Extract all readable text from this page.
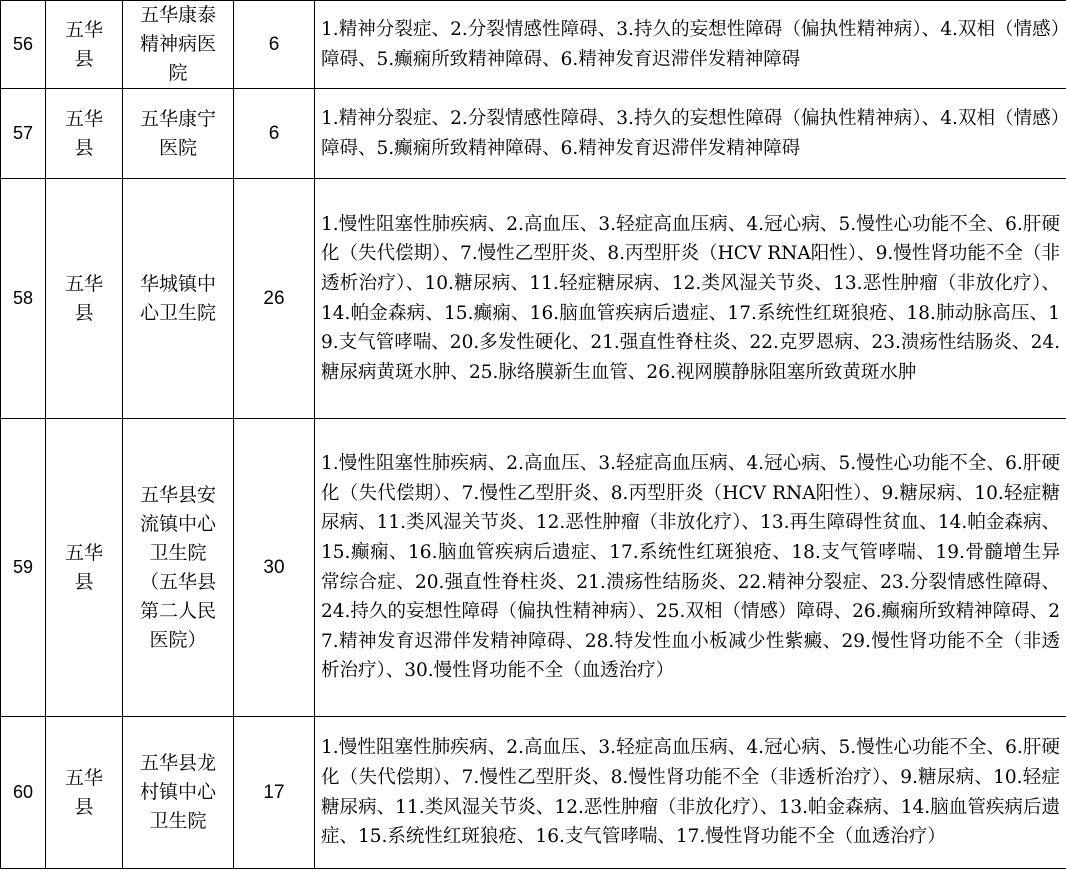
56	五华县	五华康泰精神病医院	6	1.精神分裂症、2.分裂情感性障碍、3.持久的妄想性障碍（偏执性精神病）、4.双相（情感）障碍、5.癫痫所致精神障碍、6.精神发育迟滞伴发精神障碍
57	五华县	五华康宁医院	6	1.精神分裂症、2.分裂情感性障碍、3.持久的妄想性障碍（偏执性精神病）、4.双相（情感）障碍、5.癫痫所致精神障碍、6.精神发育迟滞伴发精神障碍
58	五华县	华城镇中心卫生院	26	1.慢性阻塞性肺疾病、2.高血压、3.轻症高血压病、4.冠心病、5.慢性心功能不全、6.肝硬化（失代偿期）、7.慢性乙型肝炎、8.丙型肝炎（HCV RNA阳性）、9.慢性肾功能不全（非透析治疗）、10.糖尿病、11.轻症糖尿病、12.类风湿关节炎、13.恶性肿瘤（非放化疗）、14.帕金森病、15.癫痫、16.脑血管疾病后遗症、17.系统性红斑狼疮、18.肺动脉高压、19.支气管哮喘、20.多发性硬化、21.强直性脊柱炎、22.克罗恩病、23.溃疡性结肠炎、24.糖尿病黄斑水肿、25.脉络膜新生血管、26.视网膜静脉阻塞所致黄斑水肿
59	五华县	五华县安流镇中心卫生院（五华县第二人民医院）	30	1.慢性阻塞性肺疾病、2.高血压、3.轻症高血压病、4.冠心病、5.慢性心功能不全、6.肝硬化（失代偿期）、7.慢性乙型肝炎、8.丙型肝炎（HCV RNA阳性）、9.糖尿病、10.轻症糖尿病、11.类风湿关节炎、12.恶性肿瘤（非放化疗）、13.再生障碍性贫血、14.帕金森病、15.癫痫、16.脑血管疾病后遗症、17.系统性红斑狼疮、18.支气管哮喘、19.骨髓增生异常综合症、20.强直性脊柱炎、21.溃疡性结肠炎、22.精神分裂症、23.分裂情感性障碍、24.持久的妄想性障碍（偏执性精神病）、25.双相（情感）障碍、26.癫痫所致精神障碍、27.精神发育迟滞伴发精神障碍、28.特发性血小板减少性紫癜、29.慢性肾功能不全（非透析治疗）、30.慢性肾功能不全（血透治疗）
60	五华县	五华县龙村镇中心卫生院	17	1.慢性阻塞性肺疾病、2.高血压、3.轻症高血压病、4.冠心病、5.慢性心功能不全、6.肝硬化（失代偿期）、7.慢性乙型肝炎、8.慢性肾功能不全（非透析治疗）、9.糖尿病、10.轻症糖尿病、11.类风湿关节炎、12.恶性肿瘤（非放化疗）、13.帕金森病、14.脑血管疾病后遗症、15.系统性红斑狼疮、16.支气管哮喘、17.慢性肾功能不全（血透治疗）
